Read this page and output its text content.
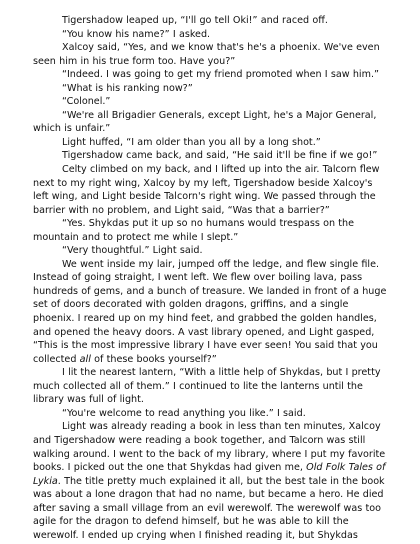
Tigershadow leaped up, “I'll go tell Oki!” and raced off.

“You know his name?” I asked.

Xalcoy said, “Yes, and we know that's he's a phoenix. We've even seen him in his true form too. Have you?”

“Indeed. I was going to get my friend promoted when I saw him.”

“What is his ranking now?”

“Colonel.”

“We're all Brigadier Generals, except Light, he's a Major General, which is unfair.”

Light huffed, “I am older than you all by a long shot.”

Tigershadow came back, and said, “He said it'll be fine if we go!”

Celty climbed on my back, and I lifted up into the air. Talcorn flew next to my right wing, Xalcoy by my left, Tigershadow beside Xalcoy's left wing, and Light beside Talcorn's right wing. We passed through the barrier with no problem, and Light said, “Was that a barrier?”

“Yes. Shykdas put it up so no humans would trespass on the mountain and to protect me while I slept.”

“Very thoughtful.” Light said.

We went inside my lair, jumped off the ledge, and flew single file. Instead of going straight, I went left. We flew over boiling lava, pass hundreds of gems, and a bunch of treasure. We landed in front of a huge set of doors decorated with golden dragons, griffins, and a single phoenix. I reared up on my hind feet, and grabbed the golden handles, and opened the heavy doors. A vast library opened, and Light gasped, “This is the most impressive library I have ever seen! You said that you collected all of these books yourself?”

I lit the nearest lantern, “With a little help of Shykdas, but I pretty much collected all of them.” I continued to lite the lanterns until the library was full of light.

“You're welcome to read anything you like.” I said.

Light was already reading a book in less than ten minutes, Xalcoy and Tigershadow were reading a book together, and Talcorn was still walking around. I went to the back of my library, where I put my favorite books. I picked out the one that Shykdas had given me, Old Folk Tales of Lykia. The title pretty much explained it all, but the best tale in the book was about a lone dragon that had no name, but became a hero. He died after saving a small village from an evil werewolf. The werewolf was too agile for the dragon to defend himself, but he was able to kill the werewolf. I ended up crying when I finished reading it, but Shykdas
